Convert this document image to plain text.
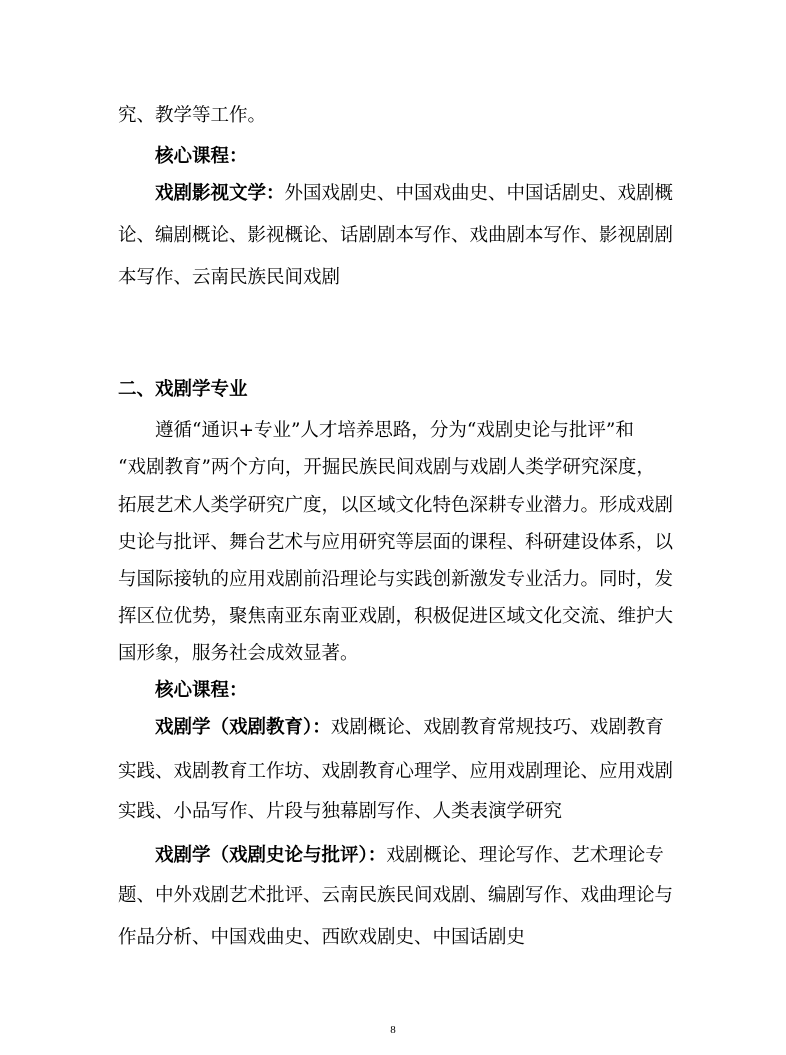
究、教学等工作。
核心课程：
戏剧影视文学：外国戏剧史、中国戏曲史、中国话剧史、戏剧概
论、编剧概论、影视概论、话剧剧本写作、戏曲剧本写作、影视剧剧
本写作、云南民族民间戏剧
二、戏剧学专业
遵循“通识+专业”人才培养思路，分为“戏剧史论与批评”和
“戏剧教育”两个方向，开掘民族民间戏剧与戏剧人类学研究深度，
拓展艺术人类学研究广度，以区域文化特色深耕专业潜力。形成戏剧
史论与批评、舞台艺术与应用研究等层面的课程、科研建设体系，以
与国际接轨的应用戏剧前沿理论与实践创新激发专业活力。同时，发
挥区位优势，聚焦南亚东南亚戏剧，积极促进区域文化交流、维护大
国形象，服务社会成效显著。
核心课程：
戏剧学（戏剧教育）：戏剧概论、戏剧教育常规技巧、戏剧教育
实践、戏剧教育工作坊、戏剧教育心理学、应用戏剧理论、应用戏剧
实践、小品写作、片段与独幕剧写作、人类表演学研究
戏剧学（戏剧史论与批评）：戏剧概论、理论写作、艺术理论专
题、中外戏剧艺术批评、云南民族民间戏剧、编剧写作、戏曲理论与
作品分析、中国戏曲史、西欧戏剧史、中国话剧史
8
